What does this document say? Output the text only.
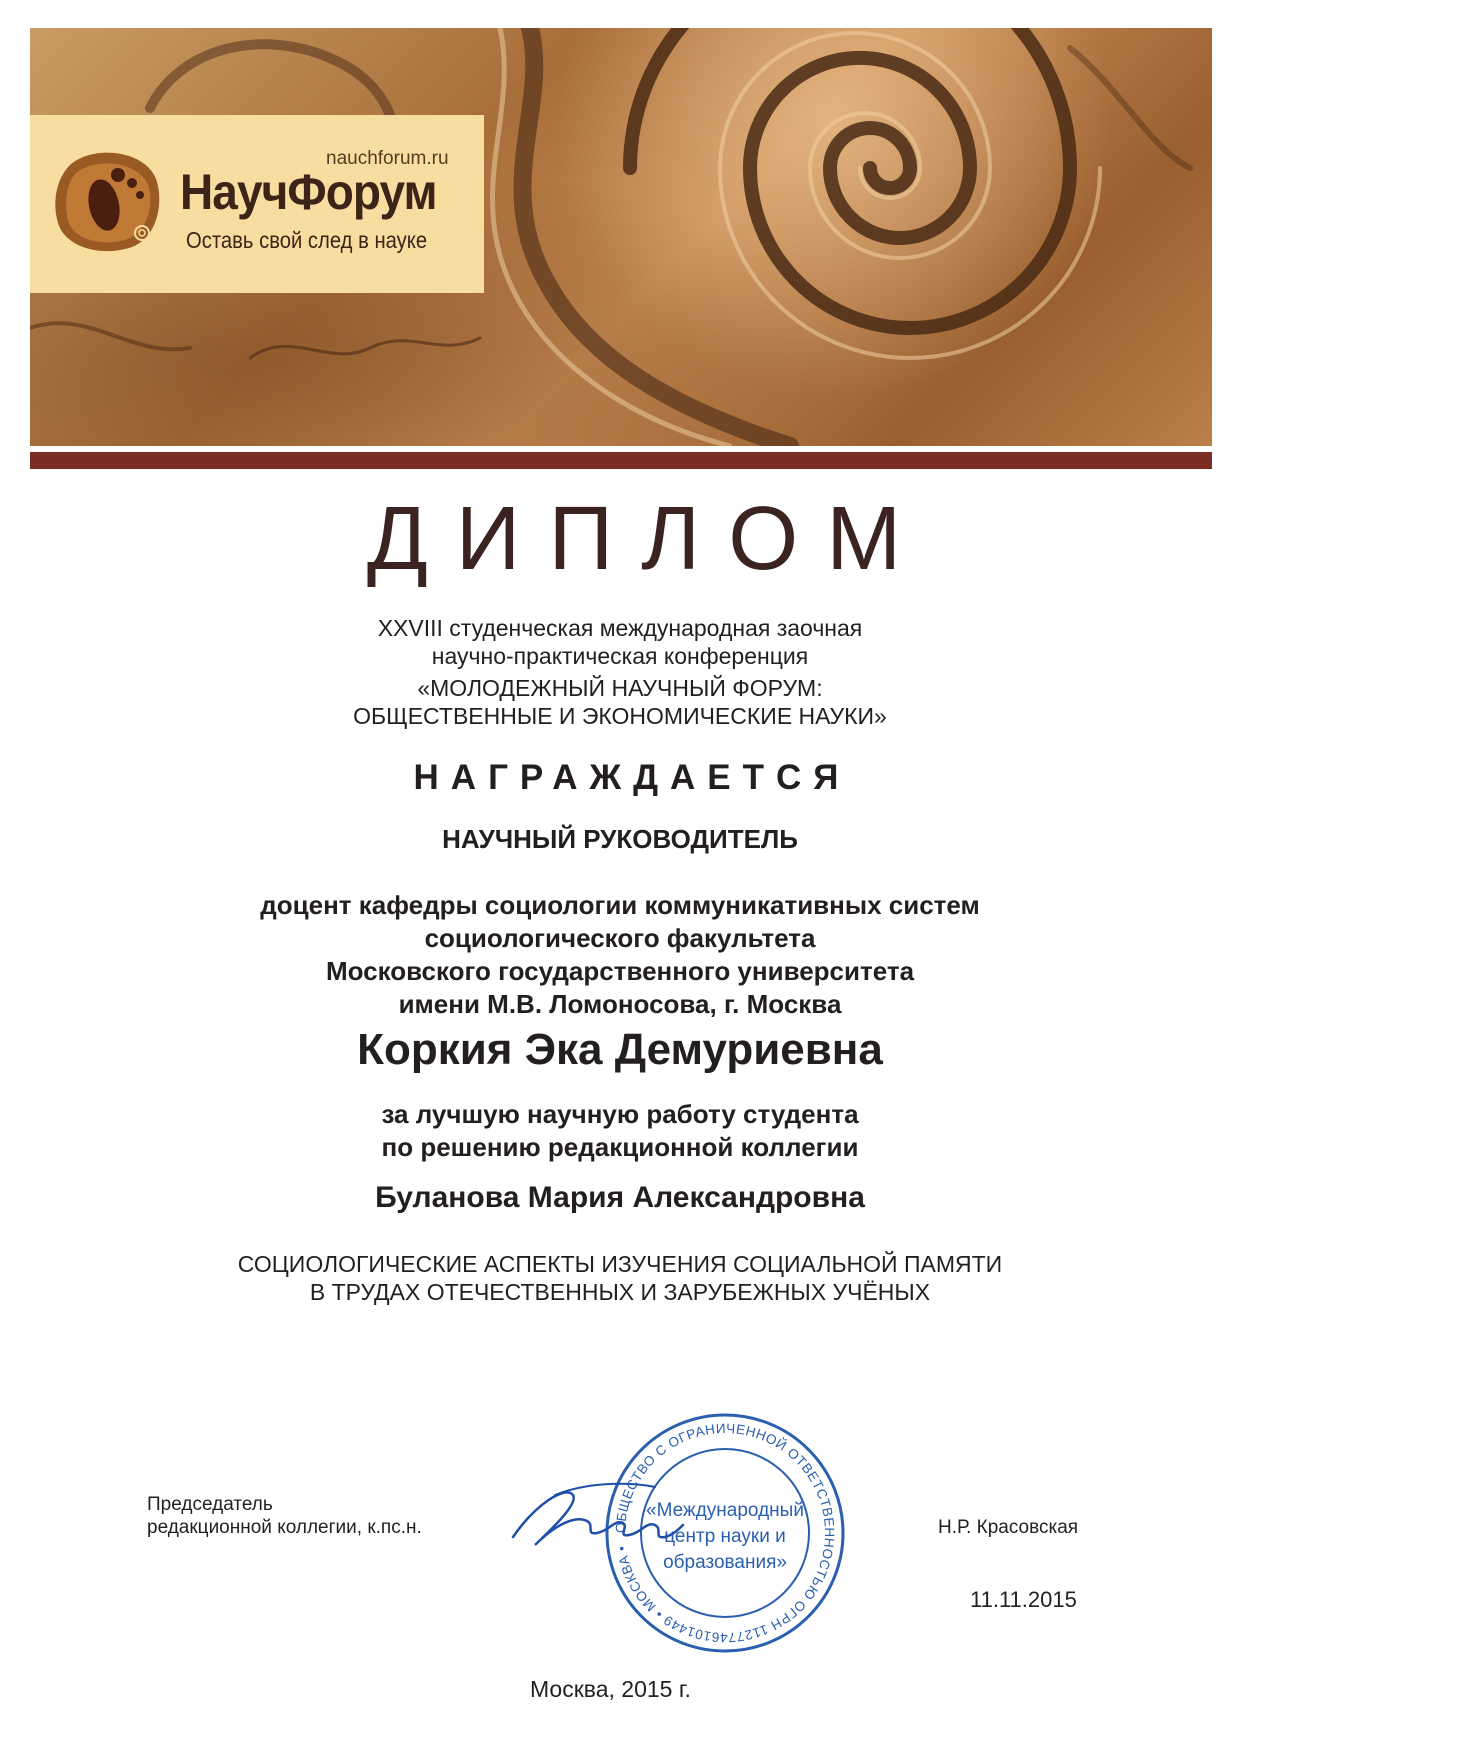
nauchforum.ru
НаучФорум
Оставь свой след в науке
ДИПЛОМ
XXVIII студенческая международная заочная
научно-практическая конференция
«МОЛОДЕЖНЫЙ НАУЧНЫЙ ФОРУМ:
ОБЩЕСТВЕННЫЕ И ЭКОНОМИЧЕСКИЕ НАУКИ»
НАГРАЖДАЕТСЯ
НАУЧНЫЙ РУКОВОДИТЕЛЬ
доцент кафедры социологии коммуникативных систем
социологического факультета
Московского государственного университета
имени М.В. Ломоносова, г. Москва
Коркия Эка Демуриевна
за лучшую научную работу студента
по решению редакционной коллегии
Буланова Мария Александровна
СОЦИОЛОГИЧЕСКИЕ АСПЕКТЫ ИЗУЧЕНИЯ СОЦИАЛЬНОЙ ПАМЯТИ
В ТРУДАХ ОТЕЧЕСТВЕННЫХ И ЗАРУБЕЖНЫХ УЧЁНЫХ
Председатель
редакционной коллегии, к.пс.н.	ОБЩЕСТВО С ОГРАНИЧЕННОЙ ОТВЕТСТВЕННОСТЬЮ ОГРН 1127746101449 • МОСКВА •
«Международный
центр науки и
образования»
Н.Р. Красовская
11.11.2015
Москва, 2015 г.
